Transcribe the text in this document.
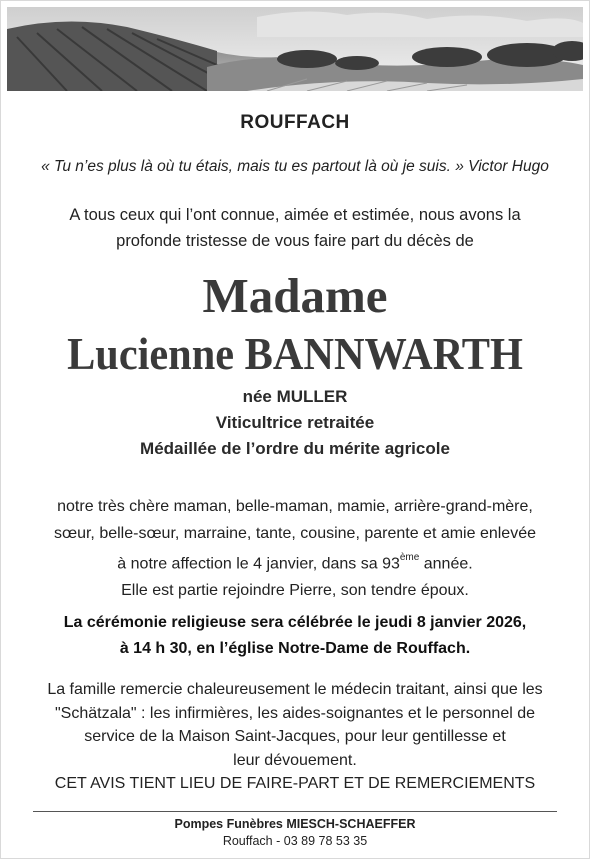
ROUFFACH
« Tu n’es plus là où tu étais, mais tu es partout là où je suis. » Victor Hugo
A tous ceux qui l’ont connue, aimée et estimée, nous avons la
profonde tristesse de vous faire part du décès de
Madame
Lucienne BANNWARTH
née MULLER
Viticultrice retraitée
Médaillée de l’ordre du mérite agricole
notre très chère maman, belle-maman, mamie, arrière-grand-mère,
sœur, belle-sœur, marraine, tante, cousine, parente et amie enlevée
à notre affection le 4 janvier, dans sa 93ème année.
Elle est partie rejoindre Pierre, son tendre époux.
La cérémonie religieuse sera célébrée le jeudi 8 janvier 2026,
à 14 h 30, en l’église Notre-Dame de Rouffach.
La famille remercie chaleureusement le médecin traitant, ainsi que les
"Schätzala" : les infirmières, les aides-soignantes et le personnel de
service de la Maison Saint-Jacques, pour leur gentillesse et
leur dévouement.
CET AVIS TIENT LIEU DE FAIRE-PART ET DE REMERCIEMENTS
Pompes Funèbres MIESCH-SCHAEFFER
Rouffach - 03 89 78 53 35
